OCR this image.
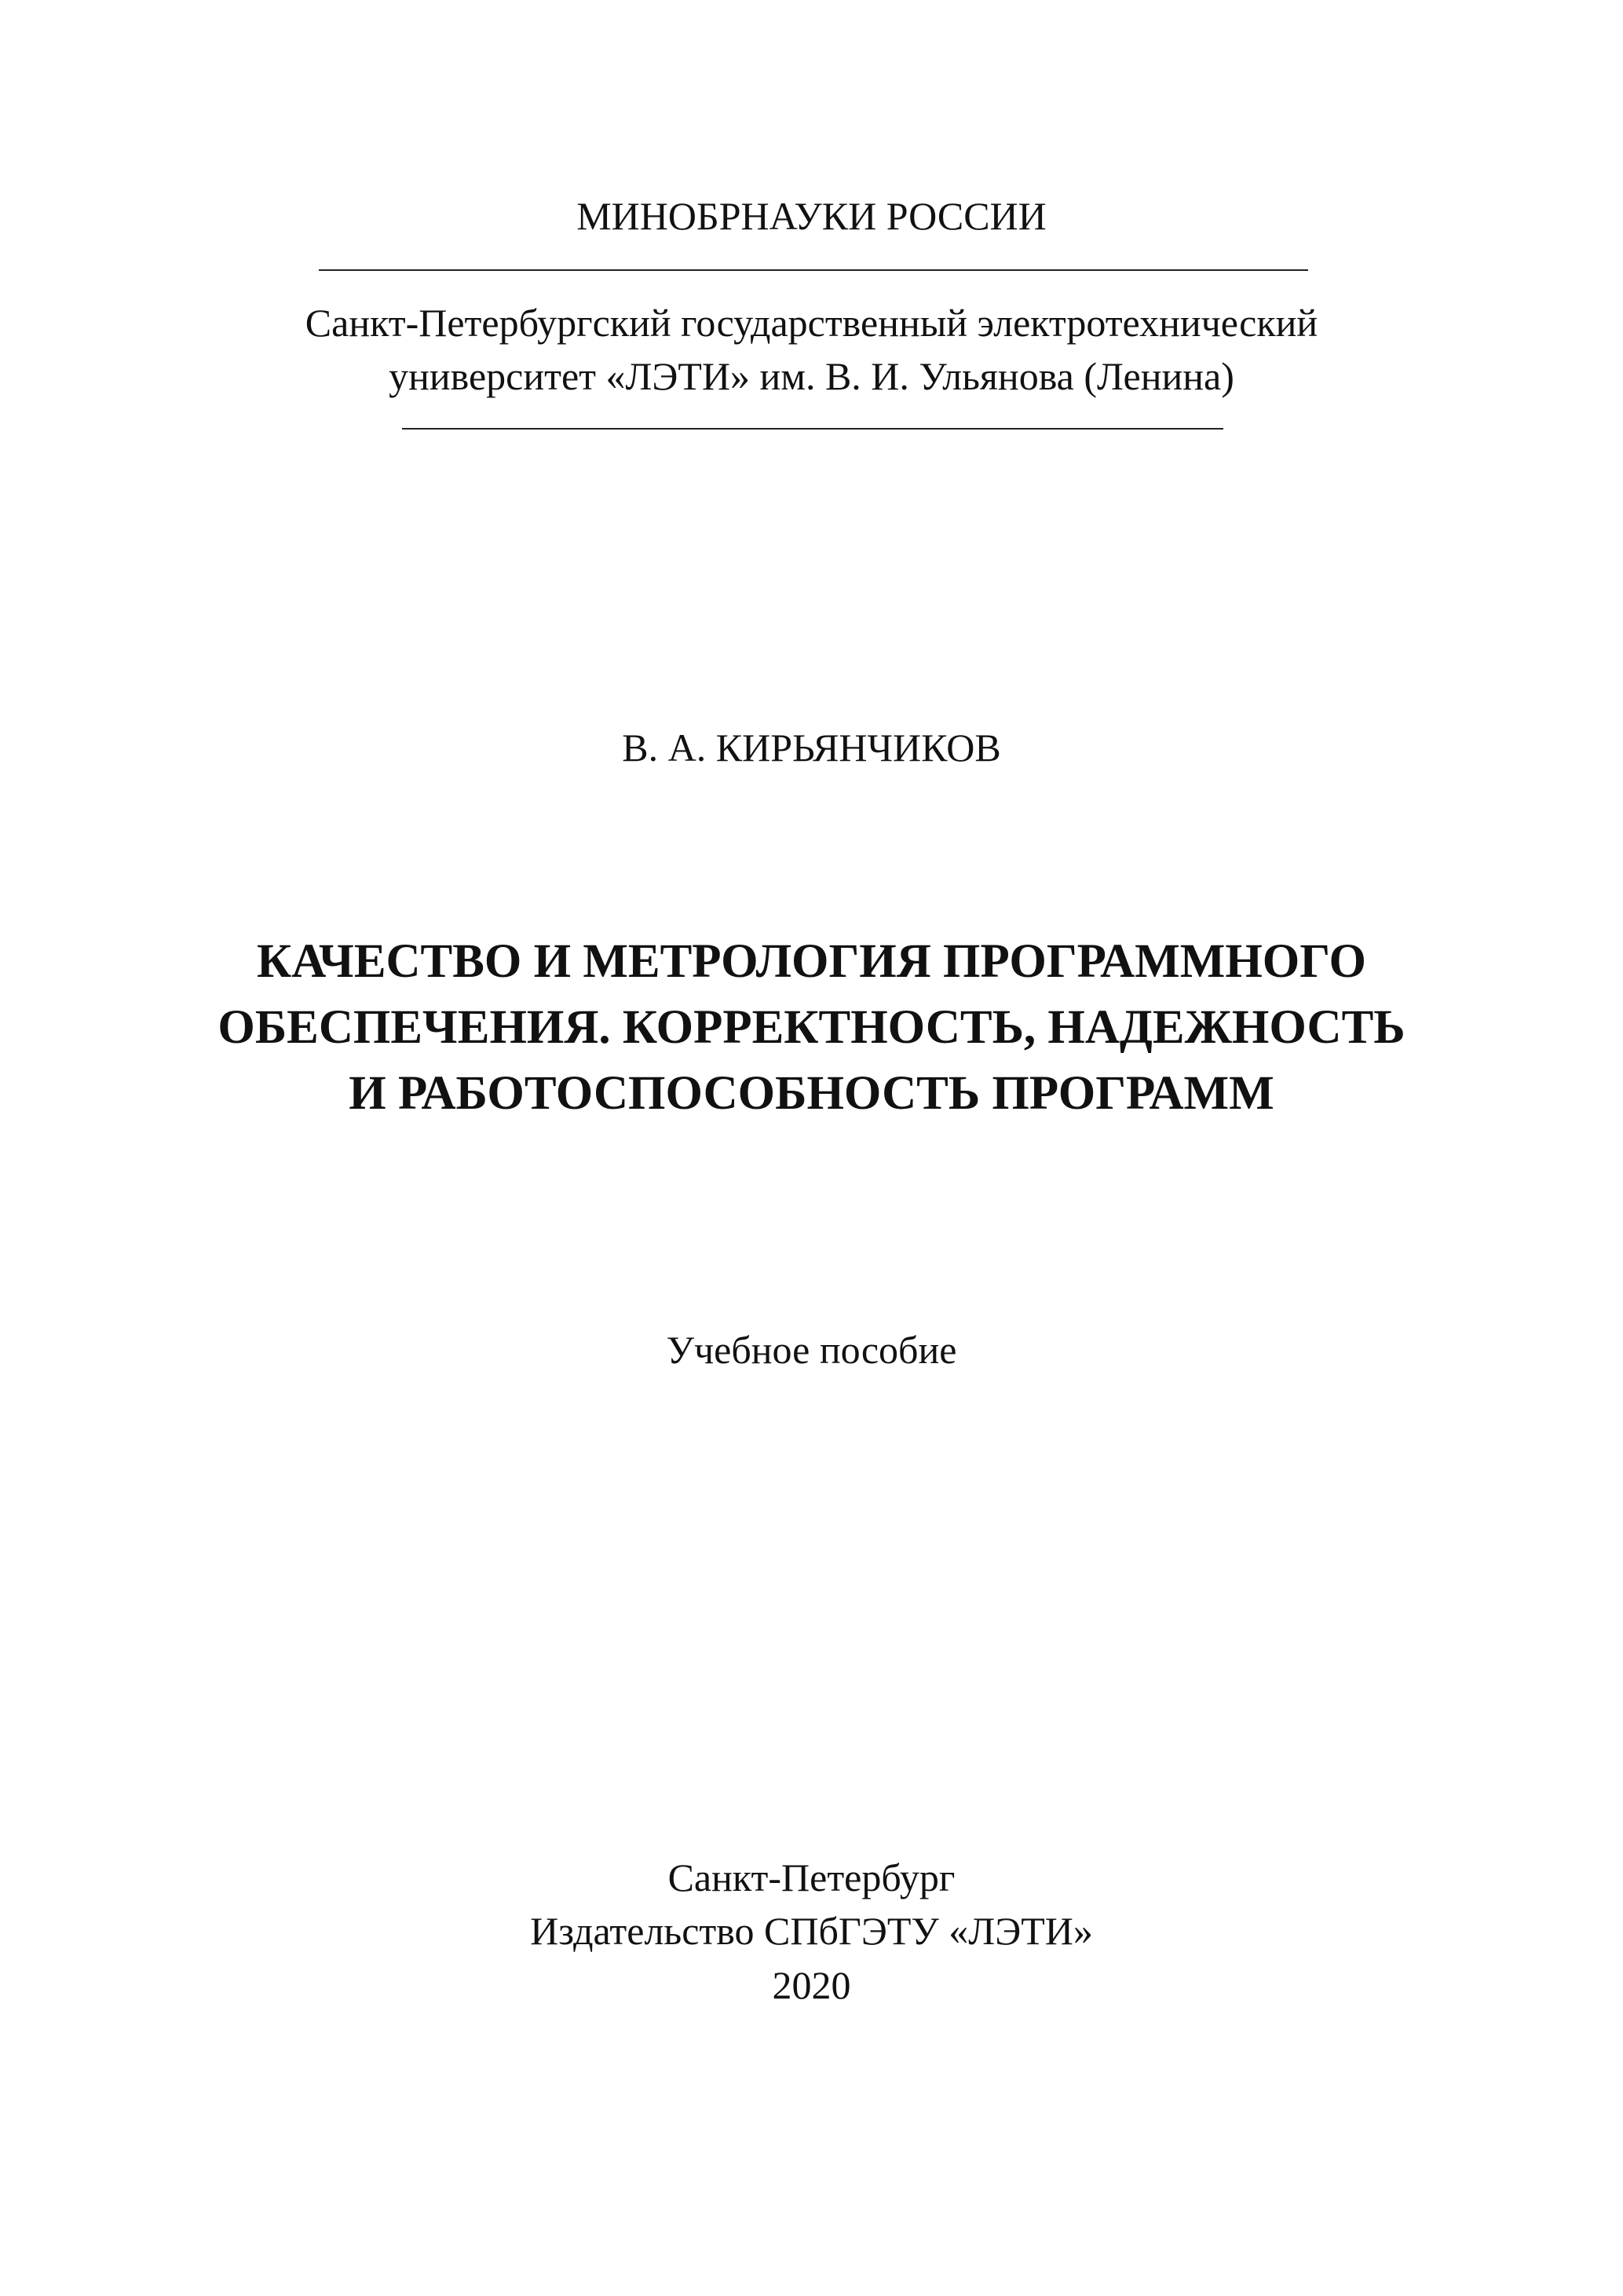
МИНОБРНАУКИ РОССИИ
Санкт-Петербургский государственный электротехнический
университет «ЛЭТИ» им. В. И. Ульянова (Ленина)
В. А. КИРЬЯНЧИКОВ
КАЧЕСТВО И МЕТРОЛОГИЯ ПРОГРАММНОГО
ОБЕСПЕЧЕНИЯ. КОРРЕКТНОСТЬ, НАДЕЖНОСТЬ
И РАБОТОСПОСОБНОСТЬ ПРОГРАММ
Учебное пособие
Санкт-Петербург
Издательство СПбГЭТУ «ЛЭТИ»
2020
